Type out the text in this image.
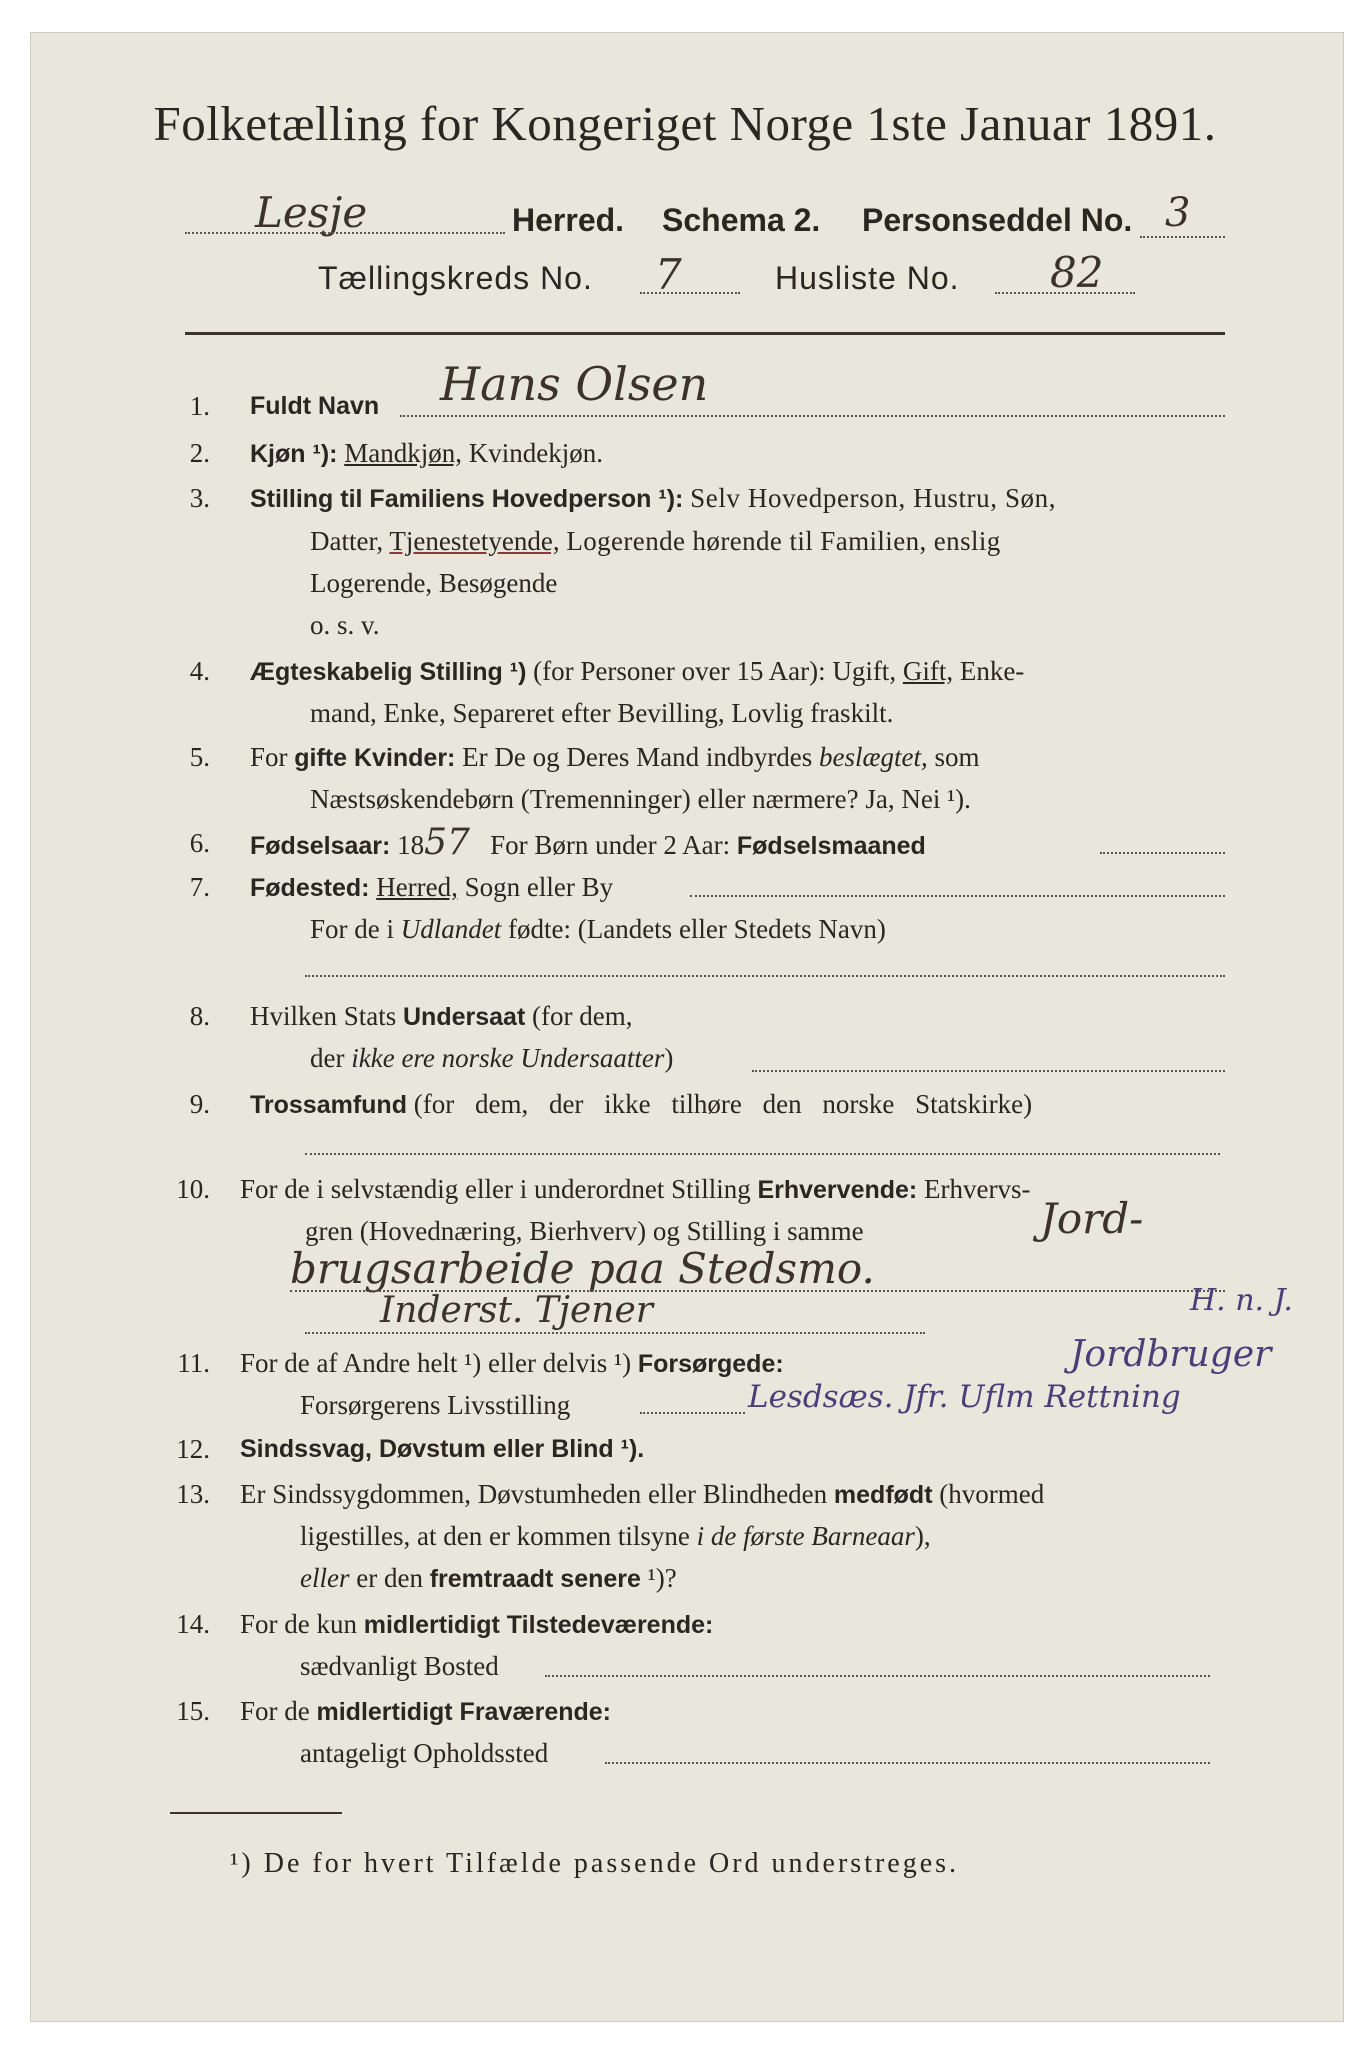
Folketælling for Kongeriget Norge 1ste Januar 1891.
Lesje	Herred. Schema 2. Personseddel No. 3
Tællingskreds No. 7	Husliste No. 82
1. Fuldt Navn Hans Olsen
2. Kjøn ¹): Mandkjøn, Kvindekjøn.
3. Stilling til Familiens Hovedperson ¹): Selv Hovedperson, Hustru, Søn,
Datter, Tjenestetyende, Logerende hørende til Familien, enslig
Logerende, Besøgende
o. s. v.
4. Ægteskabelig Stilling ¹) (for Personer over 15 Aar): Ugift, Gift, Enke-
mand, Enke, Separeret efter Bevilling, Lovlig fraskilt.
5. For gifte Kvinder: Er De og Deres Mand indbyrdes beslægtet, som
Næstsøskendebørn (Tremenninger) eller nærmere? Ja, Nei ¹).
6. Fødselsaar: 1857 For Børn under 2 Aar: Fødselsmaaned
7. Fødested: Herred, Sogn eller By
For de i Udlandet fødte: (Landets eller Stedets Navn)
8. Hvilken Stats Undersaat (for dem,
der ikke ere norske Undersaatter)
9. Trossamfund (for dem, der ikke tilhøre den norske Statskirke)
10. For de i selvstændig eller i underordnet Stilling Erhvervende: Erhvervs-
gren (Hovednæring, Bierhverv) og Stilling i samme	Jord-
brugsarbeide paa Stedsmo.
Inderst. Tjener	H. n. J.
11. For de af Andre helt ¹) eller delvis ¹) Forsørgede:	Jordbruger
Forsørgerens Livsstilling	Lesdsæs. Jfr. Uflm Rettning
12. Sindssvag, Døvstum eller Blind ¹).
13. Er Sindssygdommen, Døvstumheden eller Blindheden medfødt (hvormed
ligestilles, at den er kommen tilsyne i de første Barneaar),
eller er den fremtraadt senere ¹)?
14. For de kun midlertidigt Tilstedeværende:
sædvanligt Bosted
15. For de midlertidigt Fraværende:
antageligt Opholdssted
¹) De for hvert Tilfælde passende Ord understreges.
